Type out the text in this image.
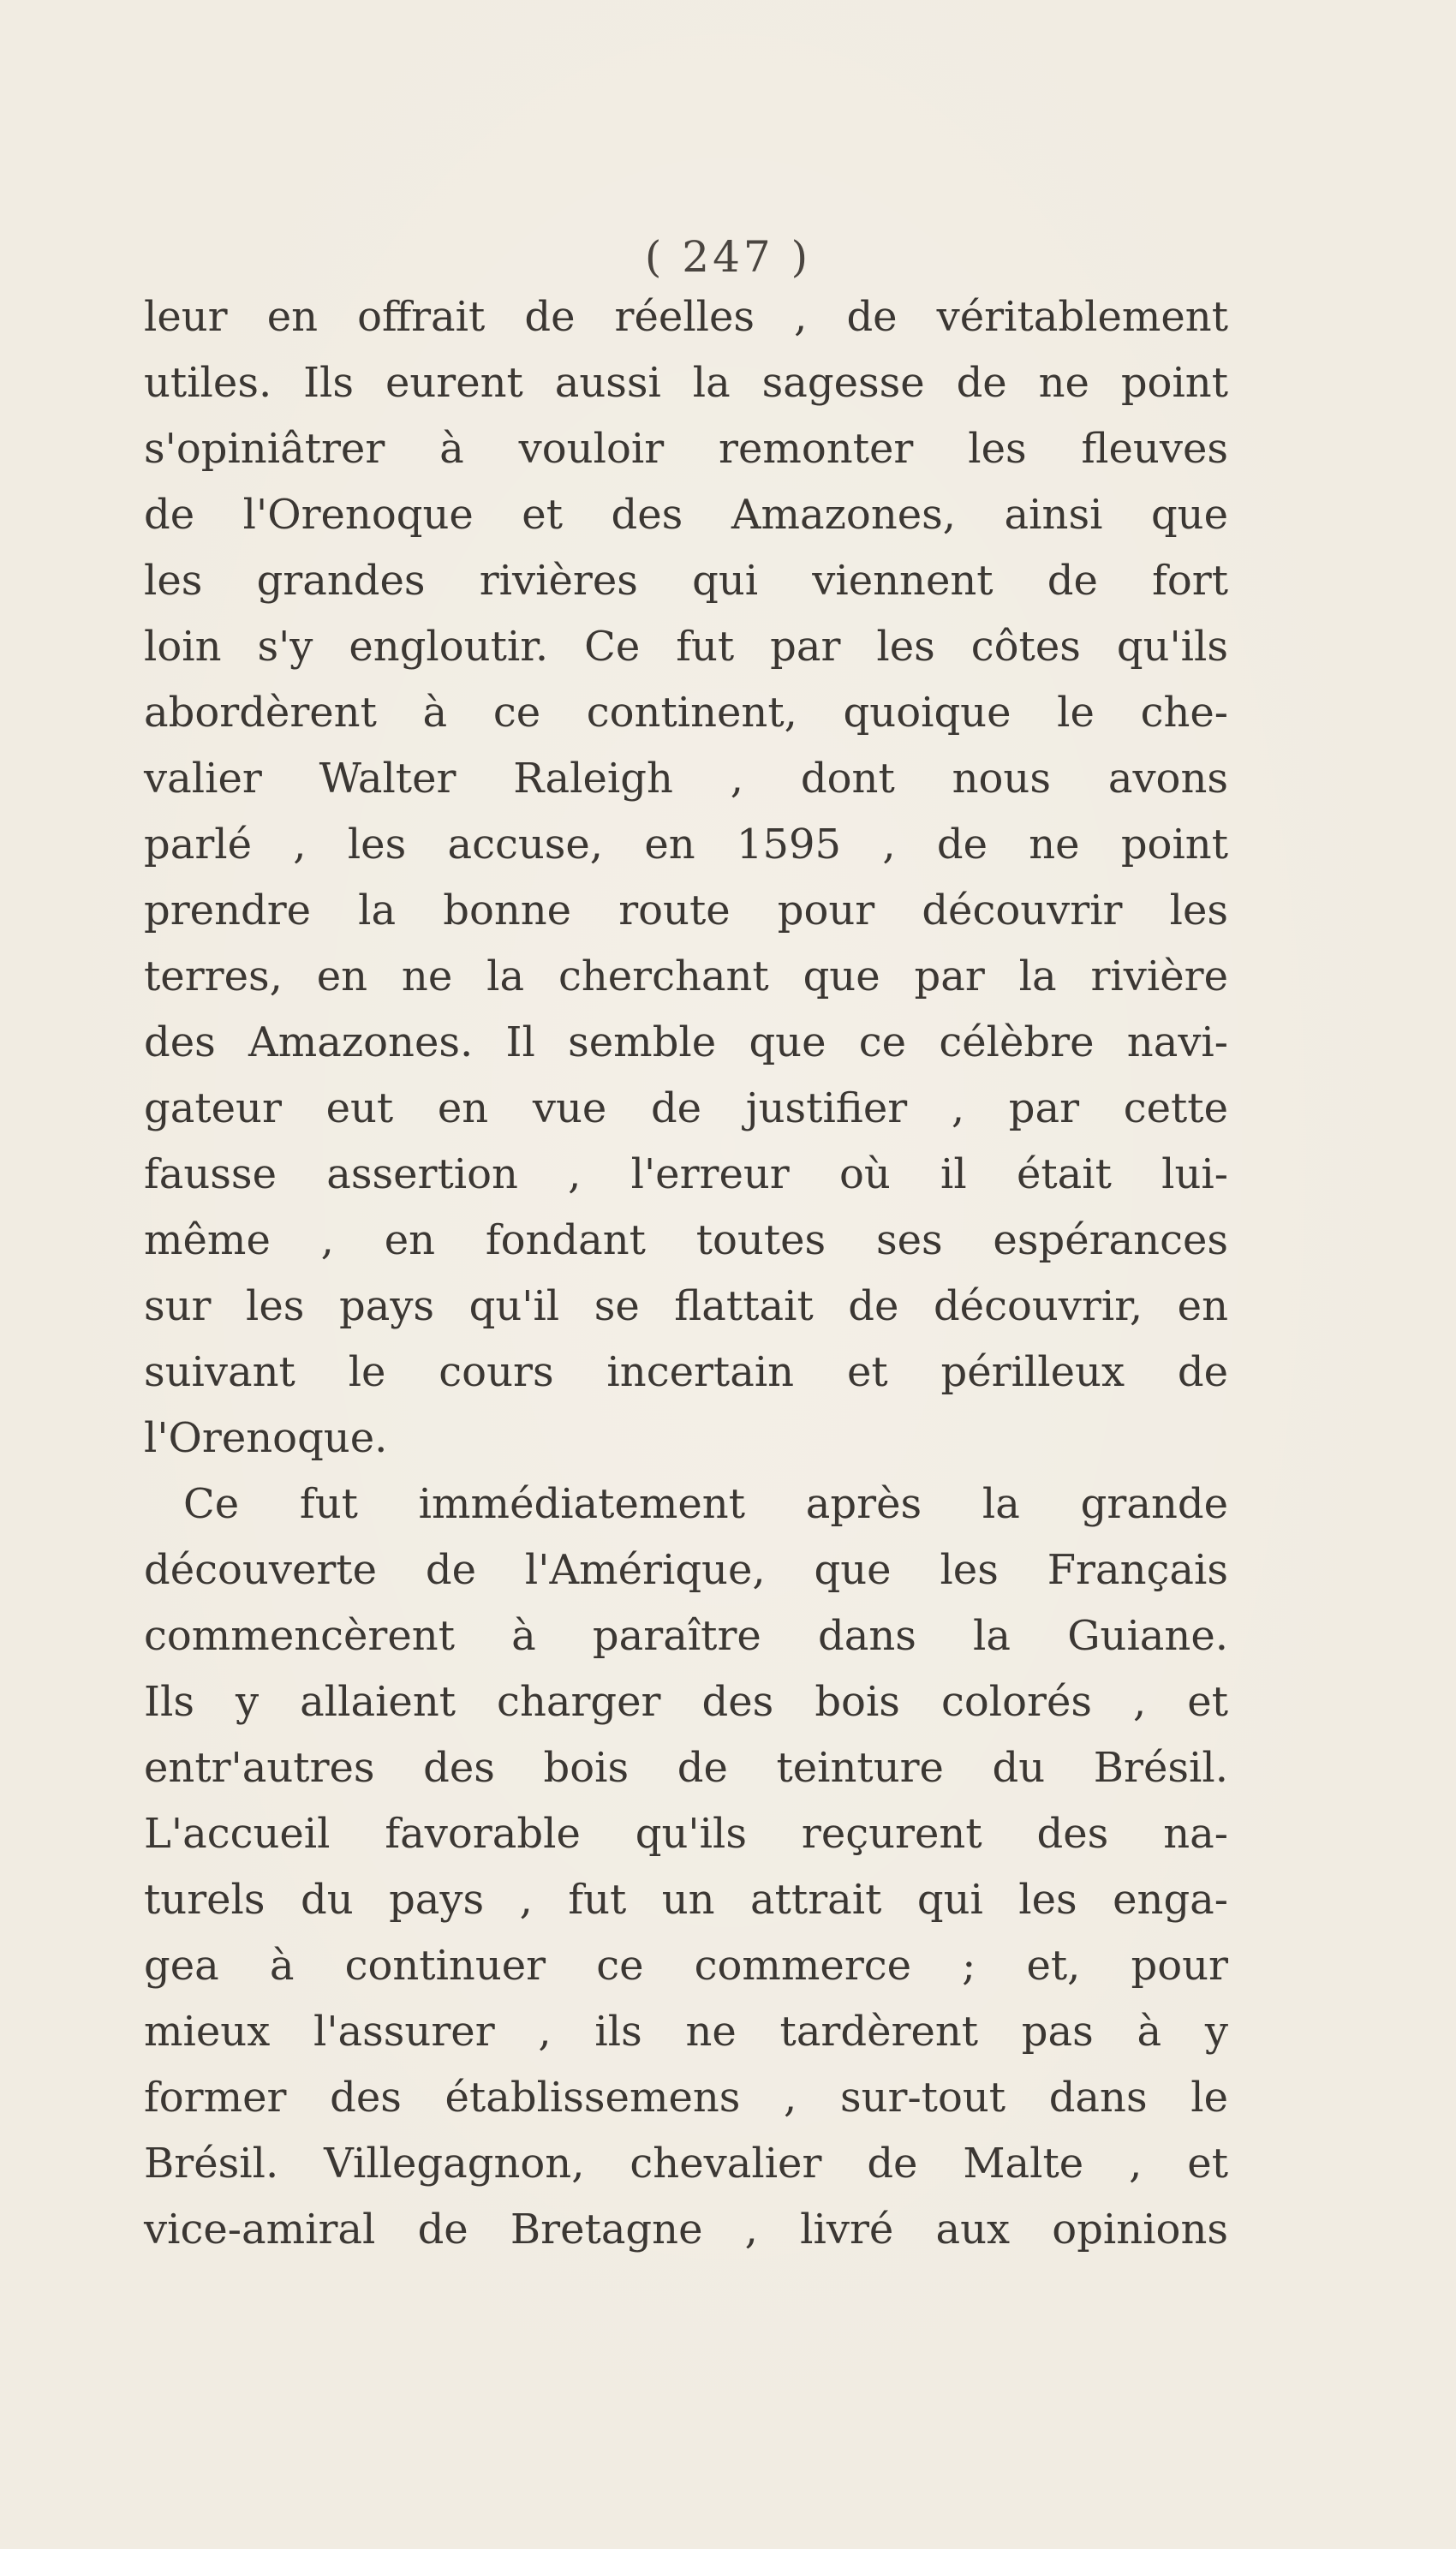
( 247 )
leur en offrait de réelles , de véritablement
utiles. Ils eurent aussi la sagesse de ne point
s'opiniâtrer à vouloir remonter les fleuves
de l'Orenoque et des Amazones, ainsi que
les grandes rivières qui viennent de fort
loin s'y engloutir. Ce fut par les côtes qu'ils
abordèrent à ce continent, quoique le che-
valier Walter Raleigh , dont nous avons
parlé , les accuse, en 1595 , de ne point
prendre la bonne route pour découvrir les
terres, en ne la cherchant que par la rivière
des Amazones. Il semble que ce célèbre navi-
gateur eut en vue de justifier , par cette
fausse assertion , l'erreur où il était lui-
même , en fondant toutes ses espérances
sur les pays qu'il se flattait de découvrir, en
suivant le cours incertain et périlleux de
l'Orenoque.
Ce fut immédiatement après la grande
découverte de l'Amérique, que les Français
commencèrent à paraître dans la Guiane.
Ils y allaient charger des bois colorés , et
entr'autres des bois de teinture du Brésil.
L'accueil favorable qu'ils reçurent des na-
turels du pays , fut un attrait qui les enga-
gea à continuer ce commerce ; et, pour
mieux l'assurer , ils ne tardèrent pas à y
former des établissemens , sur-tout dans le
Brésil. Villegagnon, chevalier de Malte , et
vice-amiral de Bretagne , livré aux opinions
